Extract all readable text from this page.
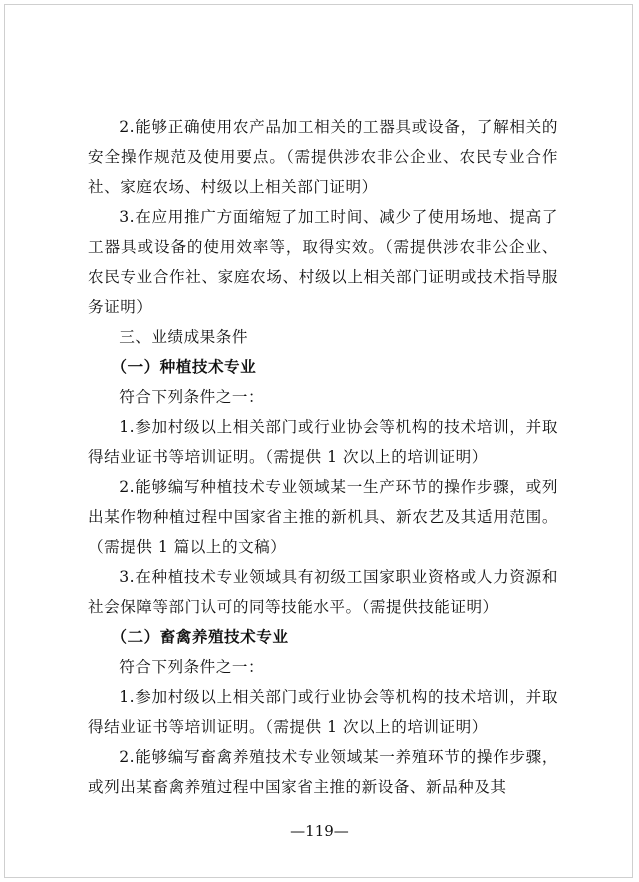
2.能够正确使用农产品加工相关的工器具或设备，了解相关的安全操作规范及使用要点。（需提供涉农非公企业、农民专业合作社、家庭农场、村级以上相关部门证明）

3.在应用推广方面缩短了加工时间、减少了使用场地、提高了工器具或设备的使用效率等，取得实效。（需提供涉农非公企业、农民专业合作社、家庭农场、村级以上相关部门证明或技术指导服务证明）

三、业绩成果条件

（一）种植技术专业

符合下列条件之一：

1.参加村级以上相关部门或行业协会等机构的技术培训，并取得结业证书等培训证明。（需提供 1 次以上的培训证明）

2.能够编写种植技术专业领域某一生产环节的操作步骤，或列出某作物种植过程中国家省主推的新机具、新农艺及其适用范围。（需提供 1 篇以上的文稿）

3.在种植技术专业领域具有初级工国家职业资格或人力资源和社会保障等部门认可的同等技能水平。（需提供技能证明）

（二）畜禽养殖技术专业

符合下列条件之一：

1.参加村级以上相关部门或行业协会等机构的技术培训，并取得结业证书等培训证明。（需提供 1 次以上的培训证明）

2.能够编写畜禽养殖技术专业领域某一养殖环节的操作步骤，或列出某畜禽养殖过程中国家省主推的新设备、新品种及其

—119—
